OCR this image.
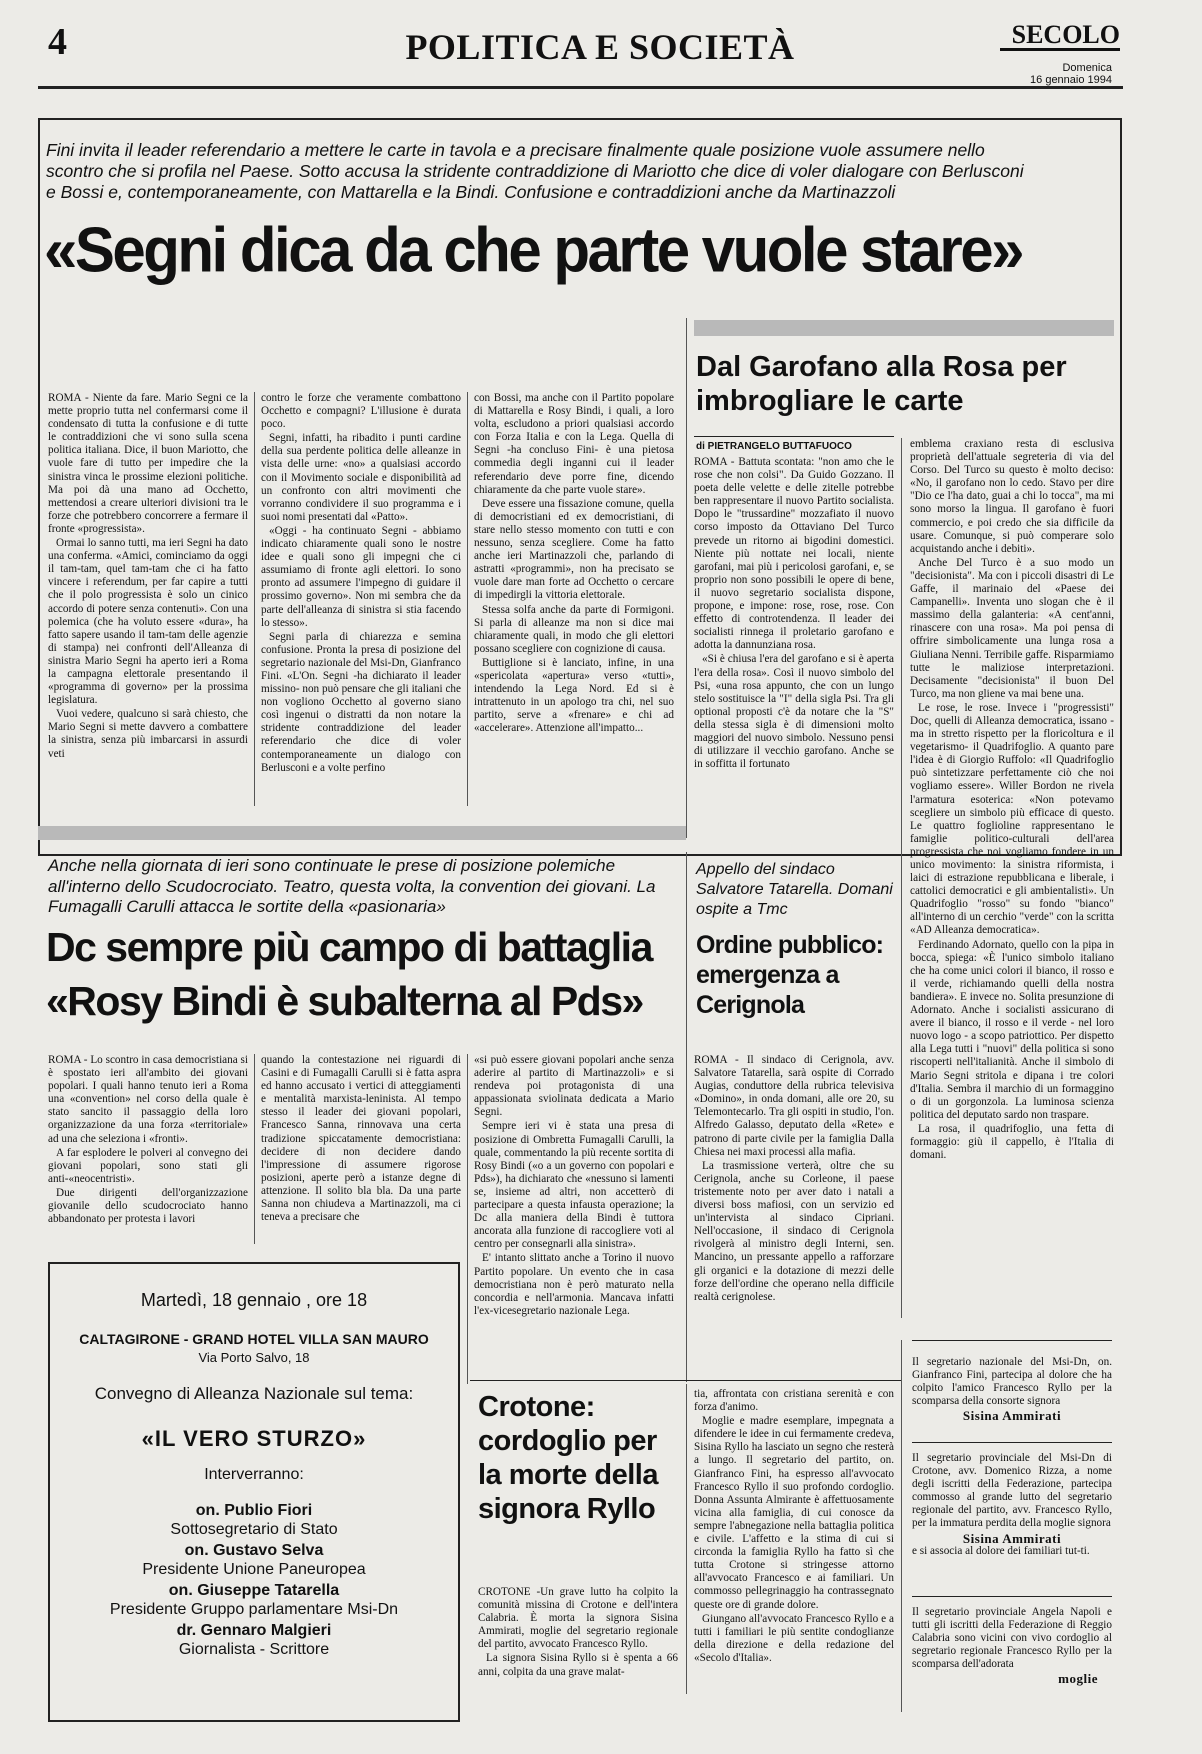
4	POLITICA E SOCIETÀ	SECOLO
Domenica
16 gennaio 1994
Fini invita il leader referendario a mettere le carte in tavola e a precisare finalmente quale posizione vuole assumere nello scontro che si profila nel Paese. Sotto accusa la stridente contraddizione di Mariotto che dice di voler dialogare con Berlusconi e Bossi e, contemporaneamente, con Mattarella e la Bindi. Confusione e contraddizioni anche da Martinazzoli
«Segni dica da che parte vuole stare»

ROMA - Niente da fare. Mario Segni ce la mette proprio tutta nel confermarsi come il condensato di tutta la confusione e di tutte le contraddizioni che vi sono sulla scena politica italiana. Dice, il buon Mariotto, che vuole fare di tutto per impedire che la sinistra vinca le prossime elezioni politiche. Ma poi dà una mano ad Occhetto, mettendosi a creare ulteriori divisioni tra le forze che potrebbero concorrere a fermare il fronte «progressista».

Ormai lo sanno tutti, ma ieri Segni ha dato una conferma. «Amici, cominciamo da oggi il tam-tam, quel tam-tam che ci ha fatto vincere i referendum, per far capire a tutti che il polo progressista è solo un cinico accordo di potere senza contenuti». Con una polemica (che ha voluto essere «dura», ha fatto sapere usando il tam-tam delle agenzie di stampa) nei confronti dell'Alleanza di sinistra Mario Segni ha aperto ieri a Roma la campagna elettorale presentando il «programma di governo» per la prossima legislatura.

Vuoi vedere, qualcuno si sarà chiesto, che Mario Segni si mette davvero a combattere la sinistra, senza più imbarcarsi in assurdi veti

contro le forze che veramente combattono Occhetto e compagni? L'illusione è durata poco.

Segni, infatti, ha ribadito i punti cardine della sua perdente politica delle alleanze in vista delle urne: «no» a qualsiasi accordo con il Movimento sociale e disponibilità ad un confronto con altri movimenti che vorranno condividere il suo programma e i suoi nomi presentati dal «Patto».

«Oggi - ha continuato Segni - abbiamo indicato chiaramente quali sono le nostre idee e quali sono gli impegni che ci assumiamo di fronte agli elettori. Io sono pronto ad assumere l'impegno di guidare il prossimo governo». Non mi sembra che da parte dell'alleanza di sinistra si stia facendo lo stesso».

Segni parla di chiarezza e semina confusione. Pronta la presa di posizione del segretario nazionale del Msi-Dn, Gianfranco Fini. «L'On. Segni -ha dichiarato il leader missino- non può pensare che gli italiani che non vogliono Occhetto al governo siano così ingenui o distratti da non notare la stridente contraddizione del leader referendario che dice di voler contemporaneamente un dialogo con Berlusconi e a volte perfino

con Bossi, ma anche con il Partito popolare di Mattarella e Rosy Bindi, i quali, a loro volta, escludono a priori qualsiasi accordo con Forza Italia e con la Lega. Quella di Segni -ha concluso Fini- è una pietosa commedia degli inganni cui il leader referendario deve porre fine, dicendo chiaramente da che parte vuole stare».

Deve essere una fissazione comune, quella di democristiani ed ex democristiani, di stare nello stesso momento con tutti e con nessuno, senza scegliere. Come ha fatto anche ieri Martinazzoli che, parlando di astratti «programmi», non ha precisato se vuole dare man forte ad Occhetto o cercare di impedirgli la vittoria elettorale.

Stessa solfa anche da parte di Formigoni. Si parla di alleanze ma non si dice mai chiaramente quali, in modo che gli elettori possano scegliere con cognizione di causa.

Buttiglione si è lanciato, infine, in una «spericolata «apertura» verso «tutti», intendendo la Lega Nord. Ed si è intrattenuto in un apologo tra chi, nel suo partito, serve a «frenare» e chi ad «accelerare». Attenzione all'impatto...

Dal Garofano alla Rosa per imbrogliare le carte
di PIETRANGELO BUTTAFUOCO

ROMA - Battuta scontata: "non amo che le rose che non colsi". Da Guido Gozzano. Il poeta delle velette e delle zitelle potrebbe ben rappresentare il nuovo Partito socialista. Dopo le "trussardine" mozzafiato il nuovo corso imposto da Ottaviano Del Turco prevede un ritorno ai bigodini domestici. Niente più nottate nei locali, niente garofani, mai più i pericolosi garofani, e, se proprio non sono possibili le opere di bene, il nuovo segretario socialista dispone, propone, e impone: rose, rose, rose. Con effetto di controtendenza. Il leader dei socialisti rinnega il proletario garofano e adotta la dannunziana rosa.

«Si è chiusa l'era del garofano e si è aperta l'era della rosa». Così il nuovo simbolo del Psi, «una rosa appunto, che con un lungo stelo sostituisce la "I" della sigla Psi. Tra gli optional proposti c'è da notare che la "S" della stessa sigla è di dimensioni molto maggiori del nuovo simbolo. Nessuno pensi di utilizzare il vecchio garofano. Anche se in soffitta il fortunato

emblema craxiano resta di esclusiva proprietà dell'attuale segreteria di via del Corso. Del Turco su questo è molto deciso: «No, il garofano non lo cedo. Stavo per dire "Dio ce l'ha dato, guai a chi lo tocca", ma mi sono morso la lingua. Il garofano è fuori commercio, e poi credo che sia difficile da usare. Comunque, si può comperare solo acquistando anche i debiti».

Anche Del Turco è a suo modo un "decisionista". Ma con i piccoli disastri di Le Gaffe, il marinaio del «Paese dei Campanelli». Inventa uno slogan che è il massimo della galanteria: «A cent'anni, rinascere con una rosa». Ma poi pensa di offrire simbolicamente una lunga rosa a Giuliana Nenni. Terribile gaffe. Risparmiamo tutte le maliziose interpretazioni. Decisamente "decisionista" il buon Del Turco, ma non gliene va mai bene una.

Le rose, le rose. Invece i "progressisti" Doc, quelli di Alleanza democratica, issano -ma in stretto rispetto per la floricoltura e il vegetarismo- il Quadrifoglio. A quanto pare l'idea è di Giorgio Ruffolo: «Il Quadrifoglio può sintetizzare perfettamente ciò che noi vogliamo essere». Willer Bordon ne rivela l'armatura esoterica: «Non potevamo scegliere un simbolo più efficace di questo. Le quattro foglioline rappresentano le famiglie politico-culturali dell'area progressista che noi vogliamo fondere in un unico movimento: la sinistra riformista, i laici di estrazione repubblicana e liberale, i cattolici democratici e gli ambientalisti». Un Quadrifoglio "rosso" su fondo "bianco" all'interno di un cerchio "verde" con la scritta «AD Alleanza democratica».

Ferdinando Adornato, quello con la pipa in bocca, spiega: «È l'unico simbolo italiano che ha come unici colori il bianco, il rosso e il verde, richiamando quelli della nostra bandiera». E invece no. Solita presunzione di Adornato. Anche i socialisti assicurano di avere il bianco, il rosso e il verde - nel loro nuovo logo - a scopo patriottico. Per dispetto alla Lega tutti i "nuovi" della politica si sono riscoperti nell'italianità. Anche il simbolo di Mario Segni stritola e dipana i tre colori d'Italia. Sembra il marchio di un formaggino o di un gorgonzola. La luminosa scienza politica del deputato sardo non traspare.

La rosa, il quadrifoglio, una fetta di formaggio: giù il cappello, è l'Italia di domani.

Anche nella giornata di ieri sono continuate le prese di posizione polemiche all'interno dello Scudocrociato. Teatro, questa volta, la convention dei giovani. La Fumagalli Carulli attacca le sortite della «pasionaria»
Dc sempre più campo di battaglia
«Rosy Bindi è subalterna al Pds»

ROMA - Lo scontro in casa democristiana si è spostato ieri all'ambito dei giovani popolari. I quali hanno tenuto ieri a Roma una «convention» nel corso della quale è stato sancito il passaggio della loro organizzazione da una forza «territoriale» ad una che seleziona i «fronti».

A far esplodere le polveri al convegno dei giovani popolari, sono stati gli anti-«neocentristi».

Due dirigenti dell'organizzazione giovanile dello scudocrociato hanno abbandonato per protesta i lavori

quando la contestazione nei riguardi di Casini e di Fumagalli Carulli si è fatta aspra ed hanno accusato i vertici di atteggiamenti e mentalità marxista-leninista. Al tempo stesso il leader dei giovani popolari, Francesco Sanna, rinnovava una certa tradizione spiccatamente democristiana: decidere di non decidere dando l'impressione di assumere rigorose posizioni, aperte però a istanze degne di attenzione. Il solito bla bla. Da una parte Sanna non chiudeva a Martinazzoli, ma ci teneva a precisare che

«si può essere giovani popolari anche senza aderire al partito di Martinazzoli» e si rendeva poi protagonista di una appassionata sviolinata dedicata a Mario Segni.

Sempre ieri vi è stata una presa di posizione di Ombretta Fumagalli Carulli, la quale, commentando la più recente sortita di Rosy Bindi («o a un governo con popolari e Pds»), ha dichiarato che «nessuno si lamenti se, insieme ad altri, non accetterò di partecipare a questa infausta operazione; la Dc alla maniera della Bindi è tuttora ancorata alla funzione di raccogliere voti al centro per consegnarli alla sinistra».

E' intanto slittato anche a Torino il nuovo Partito popolare. Un evento che in casa democristiana non è però maturato nella concordia e nell'armonia. Mancava infatti l'ex-vicesegretario nazionale Lega.

Appello del sindaco Salvatore Tatarella. Domani ospite a Tmc
Ordine pubblico: emergenza a Cerignola

ROMA - Il sindaco di Cerignola, avv. Salvatore Tatarella, sarà ospite di Corrado Augias, conduttore della rubrica televisiva «Domino», in onda domani, alle ore 20, su Telemontecarlo. Tra gli ospiti in studio, l'on. Alfredo Galasso, deputato della «Rete» e patrono di parte civile per la famiglia Dalla Chiesa nei maxi processi alla mafia.

La trasmissione verterà, oltre che su Cerignola, anche su Corleone, il paese tristemente noto per aver dato i natali a diversi boss mafiosi, con un servizio ed un'intervista al sindaco Cipriani. Nell'occasione, il sindaco di Cerignola rivolgerà al ministro degli Interni, sen. Mancino, un pressante appello a rafforzare gli organici e la dotazione di mezzi delle forze dell'ordine che operano nella difficile realtà cerignolese.

Martedì, 18 gennaio , ore 18
CALTAGIRONE - GRAND HOTEL VILLA SAN MAURO
Via Porto Salvo, 18
Convegno di Alleanza Nazionale sul tema:
«IL VERO STURZO»
Interverranno:
on. Publio Fiori
Sottosegretario di Stato
on. Gustavo Selva
Presidente Unione Paneuropea
on. Giuseppe Tatarella
Presidente Gruppo parlamentare Msi-Dn
dr. Gennaro Malgieri
Giornalista - Scrittore
Crotone: cordoglio per la morte della signora Ryllo

CROTONE -Un grave lutto ha colpito la comunità missina di Crotone e dell'intera Calabria. È morta la signora Sisina Ammirati, moglie del segretario regionale del partito, avvocato Francesco Ryllo.

La signora Sisina Ryllo si è spenta a 66 anni, colpita da una grave malat-

tia, affrontata con cristiana serenità e con forza d'animo.

Moglie e madre esemplare, impegnata a difendere le idee in cui fermamente credeva, Sisina Ryllo ha lasciato un segno che resterà a lungo. Il segretario del partito, on. Gianfranco Fini, ha espresso all'avvocato Francesco Ryllo il suo profondo cordoglio. Donna Assunta Almirante è affettuosamente vicina alla famiglia, di cui conosce da sempre l'abnegazione nella battaglia politica e civile. L'affetto e la stima di cui si circonda la famiglia Ryllo ha fatto sì che tutta Crotone si stringesse attorno all'avvocato Francesco e ai familiari. Un commosso pellegrinaggio ha contrassegnato queste ore di grande dolore.

Giungano all'avvocato Francesco Ryllo e a tutti i familiari le più sentite condoglianze della direzione e della redazione del «Secolo d'Italia».

Il segretario nazionale del Msi-Dn, on. Gianfranco Fini, partecipa al dolore che ha colpito l'amico Francesco Ryllo per la scomparsa della consorte signora

Sisina Ammirati

Il segretario provinciale del Msi-Dn di Crotone, avv. Domenico Rizza, a nome degli iscritti della Federazione, partecipa commosso al grande lutto del segretario regionale del partito, avv. Francesco Ryllo, per la immatura perdita della moglie signora

Sisina Ammirati

e si associa al dolore dei familiari tut-ti.

Il segretario provinciale Angela Napoli e tutti gli iscritti della Federazione di Reggio Calabria sono vicini con vivo cordoglio al segretario regionale Francesco Ryllo per la scomparsa dell'adorata

moglie
